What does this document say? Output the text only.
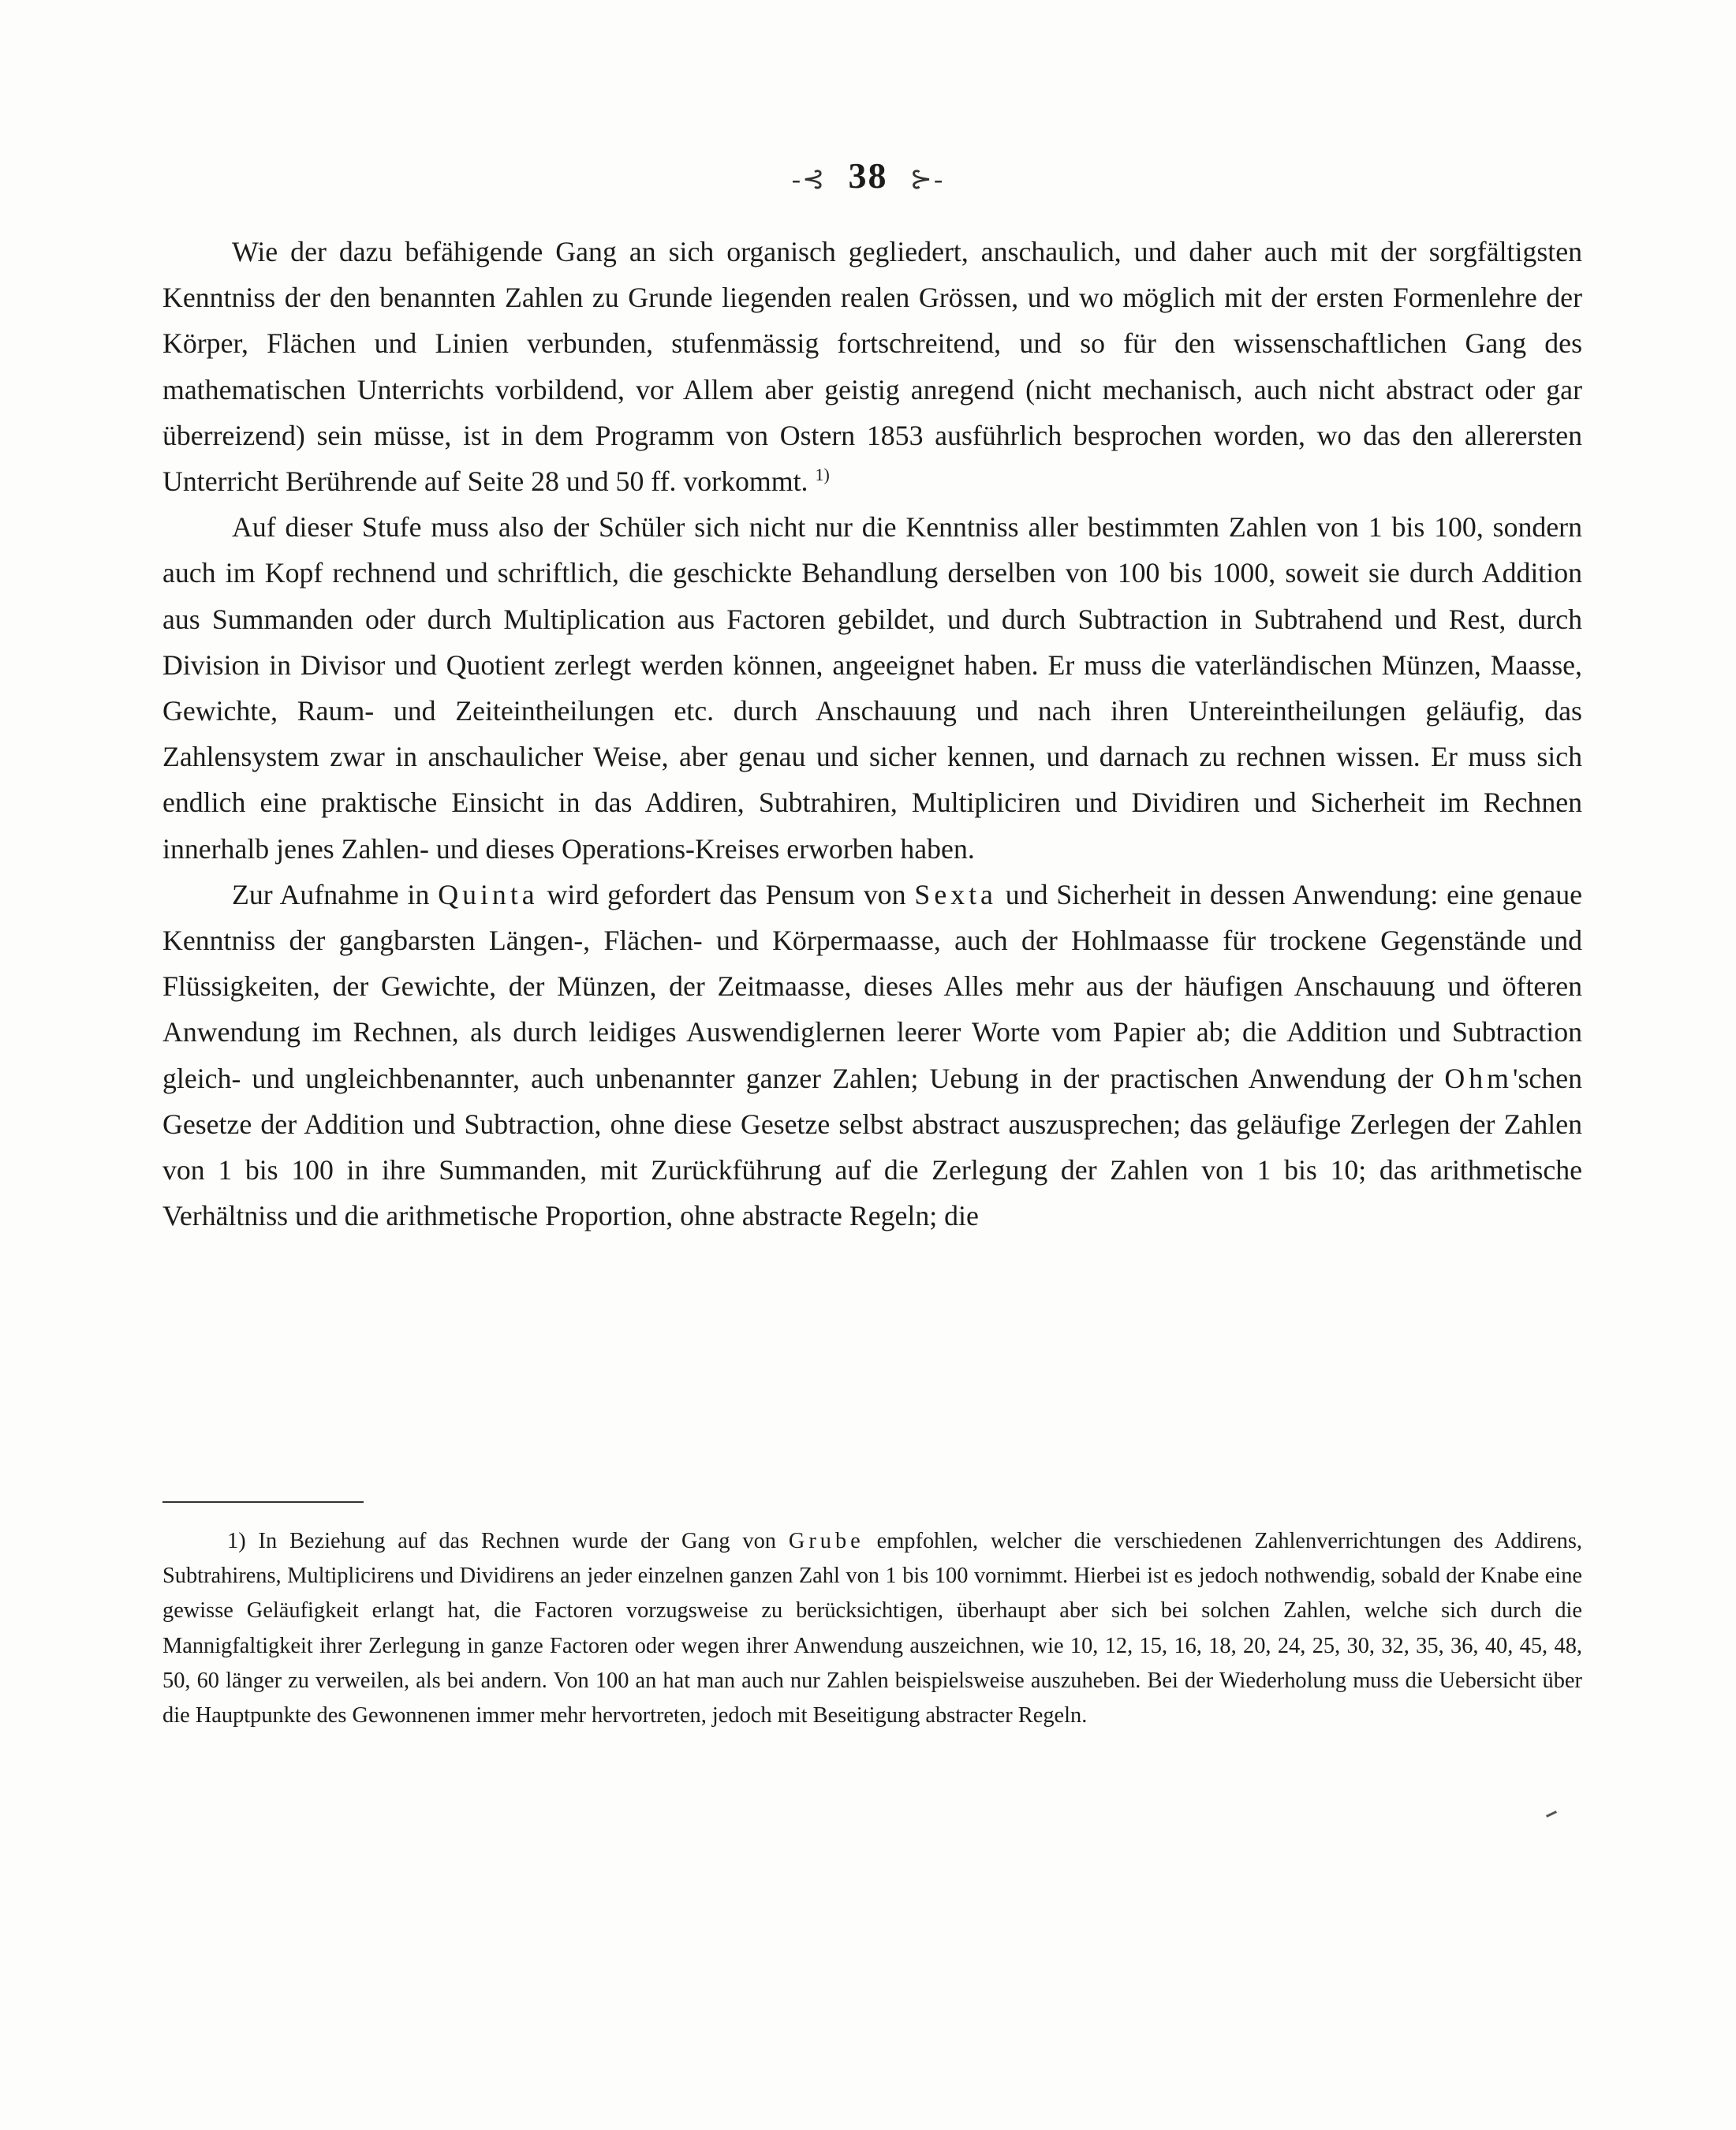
-⊰ 38 ⊱-

Wie der dazu befähigende Gang an sich organisch gegliedert, anschaulich, und daher auch mit der sorgfältigsten Kenntniss der den benannten Zahlen zu Grunde liegenden realen Grössen, und wo möglich mit der ersten Formenlehre der Körper, Flächen und Linien verbunden, stufenmässig fortschreitend, und so für den wissenschaftlichen Gang des mathematischen Unterrichts vorbildend, vor Allem aber geistig anregend (nicht mechanisch, auch nicht abstract oder gar überreizend) sein müsse, ist in dem Programm von Ostern 1853 ausführlich besprochen worden, wo das den allerersten Unterricht Berührende auf Seite 28 und 50 ff. vorkommt. $^{1)}$

Auf dieser Stufe muss also der Schüler sich nicht nur die Kenntniss aller bestimmten Zahlen von 1 bis 100, sondern auch im Kopf rechnend und schriftlich, die geschickte Behandlung derselben von 100 bis 1000, soweit sie durch Addition aus Summanden oder durch Multiplication aus Factoren gebildet, und durch Subtraction in Subtrahend und Rest, durch Division in Divisor und Quotient zerlegt werden können, angeeignet haben. Er muss die vaterländischen Münzen, Maasse, Gewichte, Raum- und Zeiteintheilungen etc. durch Anschauung und nach ihren Untereintheilungen geläufig, das Zahlensystem zwar in anschaulicher Weise, aber genau und sicher kennen, und darnach zu rechnen wissen. Er muss sich endlich eine praktische Einsicht in das Addiren, Subtrahiren, Multipliciren und Dividiren und Sicherheit im Rechnen innerhalb jenes Zahlen- und dieses Operations-Kreises erworben haben.

Zur Aufnahme in Quinta wird gefordert das Pensum von Sexta und Sicherheit in dessen Anwendung: eine genaue Kenntniss der gangbarsten Längen-, Flächen- und Körpermaasse, auch der Hohlmaasse für trockene Gegenstände und Flüssigkeiten, der Gewichte, der Münzen, der Zeitmaasse, dieses Alles mehr aus der häufigen Anschauung und öfteren Anwendung im Rechnen, als durch leidiges Auswendiglernen leerer Worte vom Papier ab; die Addition und Subtraction gleich- und ungleichbenannter, auch unbenannter ganzer Zahlen; Uebung in der practischen Anwendung der Ohm'schen Gesetze der Addition und Subtraction, ohne diese Gesetze selbst abstract auszusprechen; das geläufige Zerlegen der Zahlen von 1 bis 100 in ihre Summanden, mit Zurückführung auf die Zerlegung der Zahlen von 1 bis 10; das arithmetische Verhältniss und die arithmetische Proportion, ohne abstracte Regeln; die

1) In Beziehung auf das Rechnen wurde der Gang von Grube empfohlen, welcher die verschiedenen Zahlenverrichtungen des Addirens, Subtrahirens, Multiplicirens und Dividirens an jeder einzelnen ganzen Zahl von 1 bis 100 vornimmt. Hierbei ist es jedoch nothwendig, sobald der Knabe eine gewisse Geläufigkeit erlangt hat, die Factoren vorzugsweise zu berücksichtigen, überhaupt aber sich bei solchen Zahlen, welche sich durch die Mannigfaltigkeit ihrer Zerlegung in ganze Factoren oder wegen ihrer Anwendung auszeichnen, wie 10, 12, 15, 16, 18, 20, 24, 25, 30, 32, 35, 36, 40, 45, 48, 50, 60 länger zu verweilen, als bei andern. Von 100 an hat man auch nur Zahlen beispielsweise auszuheben. Bei der Wiederholung muss die Uebersicht über die Hauptpunkte des Gewonnenen immer mehr hervortreten, jedoch mit Beseitigung abstracter Regeln.
